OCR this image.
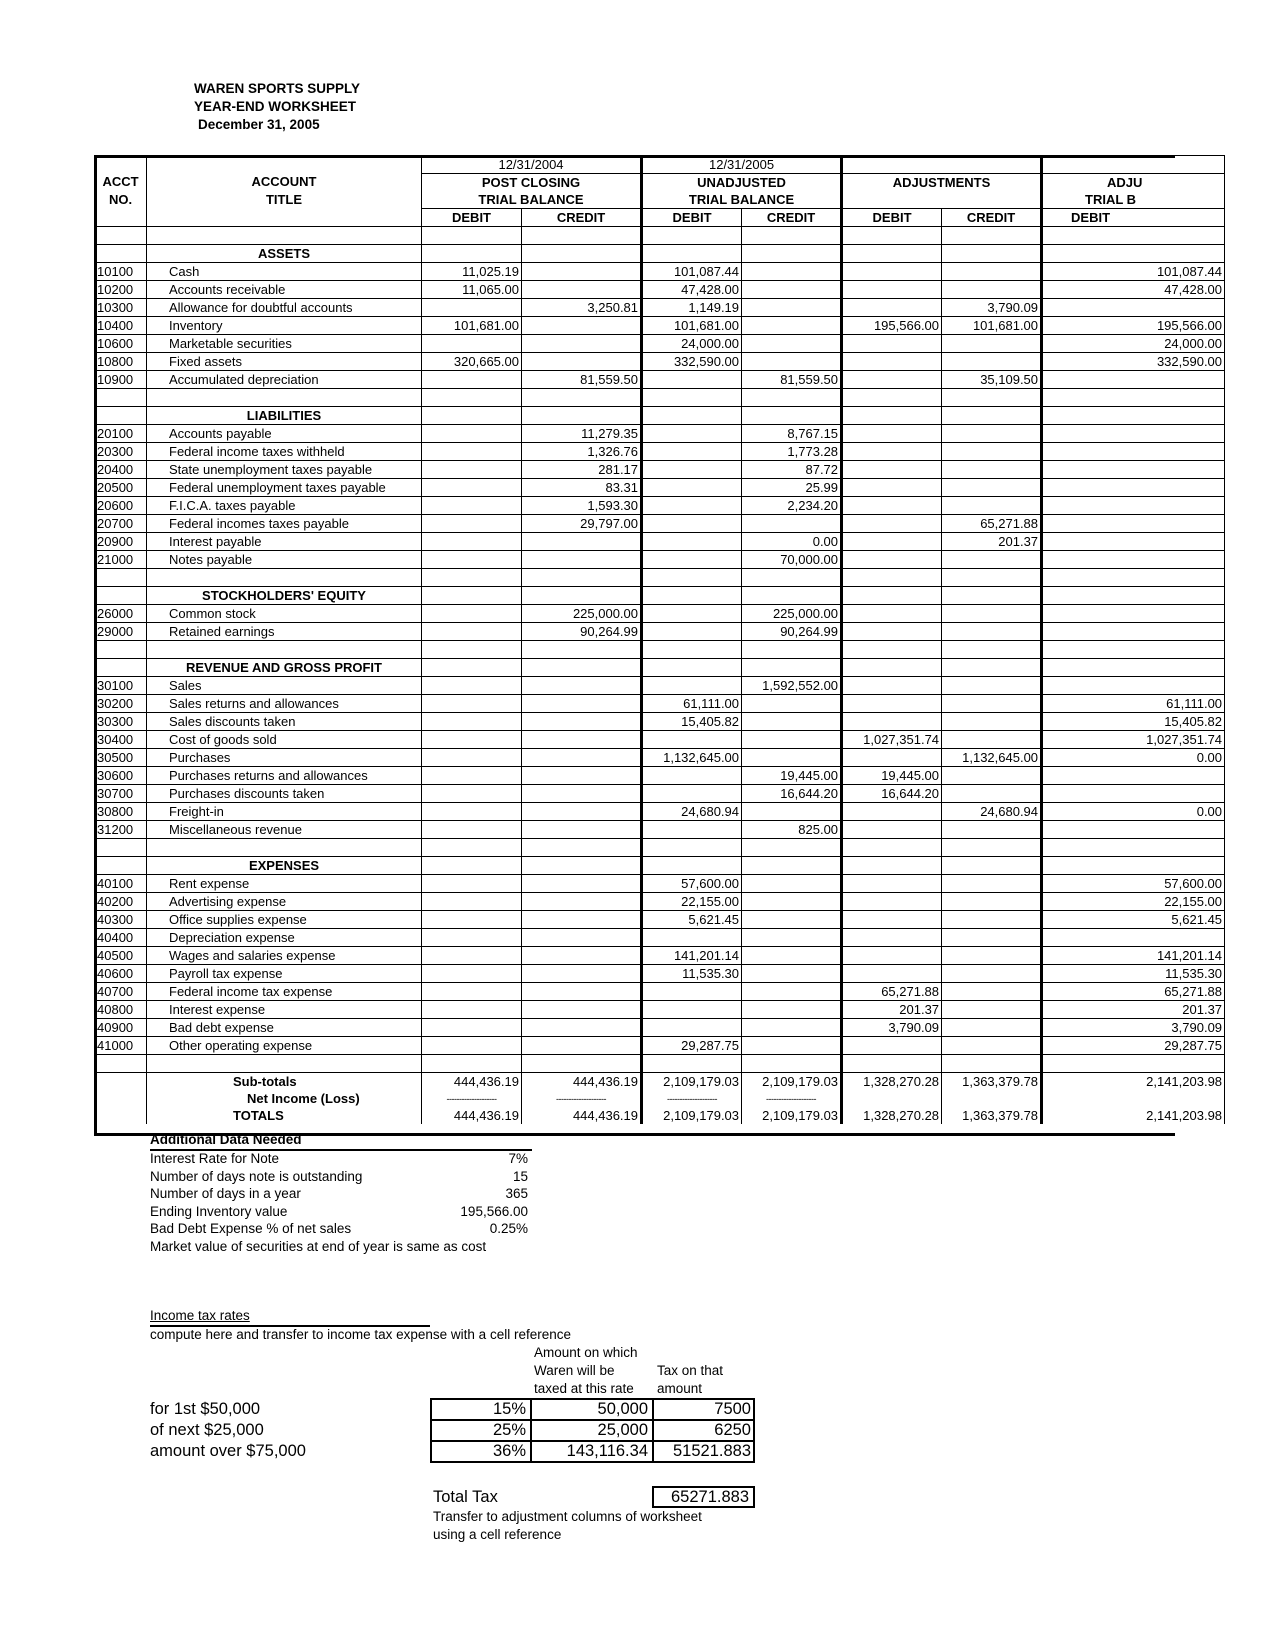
WAREN SPORTS SUPPLY
YEAR-END WORKSHEET
December 31, 2005
		12/31/2004		12/31/2005				
ACCT	ACCOUNT	POST CLOSING		UNADJUSTED		ADJUSTMENTS		ADJU
NO.	TITLE	TRIAL BALANCE		TRIAL BALANCE				TRIAL B
		DEBIT	CREDIT	DEBIT	CREDIT	DEBIT	CREDIT	DEBIT

	ASSETS							
10100	Cash	11,025.19		101,087.44				101,087.44
10200	Accounts receivable	11,065.00		47,428.00				47,428.00
10300	Allowance for doubtful accounts		3,250.81	1,149.19			3,790.09	
10400	Inventory	101,681.00		101,681.00		195,566.00	101,681.00	195,566.00
10600	Marketable securities			24,000.00				24,000.00
10800	Fixed assets	320,665.00		332,590.00				332,590.00
10900	Accumulated depreciation		81,559.50		81,559.50		35,109.50	

	LIABILITIES							
20100	Accounts payable		11,279.35		8,767.15			
20300	Federal income taxes withheld		1,326.76		1,773.28			
20400	State unemployment taxes payable		281.17		87.72			
20500	Federal unemployment taxes payable		83.31		25.99			
20600	F.I.C.A. taxes payable		1,593.30		2,234.20			
20700	Federal incomes taxes payable		29,797.00				65,271.88	
20900	Interest payable				0.00		201.37	
21000	Notes payable				70,000.00			

	STOCKHOLDERS' EQUITY							
26000	Common stock		225,000.00		225,000.00			
29000	Retained earnings		90,264.99		90,264.99			

	REVENUE AND GROSS PROFIT							
30100	Sales				1,592,552.00			
30200	Sales returns and allowances			61,111.00				61,111.00
30300	Sales discounts taken			15,405.82				15,405.82
30400	Cost of goods sold					1,027,351.74		1,027,351.74
30500	Purchases			1,132,645.00			1,132,645.00	0.00
30600	Purchases returns and allowances				19,445.00	19,445.00		
30700	Purchases discounts taken				16,644.20	16,644.20		
30800	Freight-in			24,680.94			24,680.94	0.00
31200	Miscellaneous revenue				825.00			

	EXPENSES							
40100	Rent expense			57,600.00				57,600.00
40200	Advertising expense			22,155.00				22,155.00
40300	Office supplies expense			5,621.45				5,621.45
40400	Depreciation expense							
40500	Wages and salaries expense			141,201.14				141,201.14
40600	Payroll tax expense			11,535.30				11,535.30
40700	Federal income tax expense					65,271.88		65,271.88
40800	Interest expense					201.37		201.37
40900	Bad debt expense					3,790.09		3,790.09
41000	Other operating expense			29,287.75				29,287.75

	Sub-totals	444,436.19	444,436.19	2,109,179.03	2,109,179.03	1,328,270.28	1,363,379.78	2,141,203.98
	Net Income (Loss)	--------------------	--------------------	--------------------	--------------------			
	TOTALS	444,436.19	444,436.19	2,109,179.03	2,109,179.03	1,328,270.28	1,363,379.78	2,141,203.98
Additional Data Needed
Interest Rate for Note	7%
Number of days note is outstanding	15
Number of days in a year	365
Ending Inventory value	195,566.00
Bad Debt Expense % of net sales	0.25%
Market value of securities at end of year is same as cost
Income tax rates
compute here and transfer to income tax expense with a cell reference
Amount on which
Waren will be
taxed at this rate
Tax on that
amount
for 1st $50,000	15%	50,000	7500
of next $25,000	25%	25,000	6250
amount over $75,000	36%	143,116.34	51521.883
Total Tax	65271.883
Transfer to adjustment columns of worksheet
using a cell reference
